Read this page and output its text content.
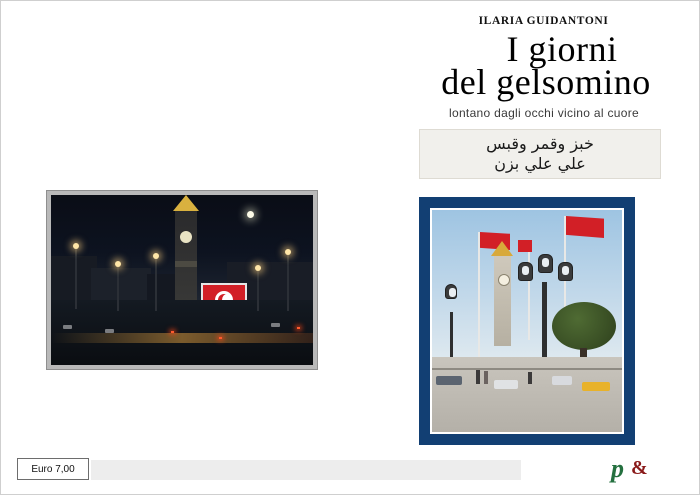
ILARIA GUIDANTONI
I giorni
del gelsomino
lontano dagli occhi vicino al cuore
خبز وقمر وقبس
علي علي بزن
Euro 7,00	p &
